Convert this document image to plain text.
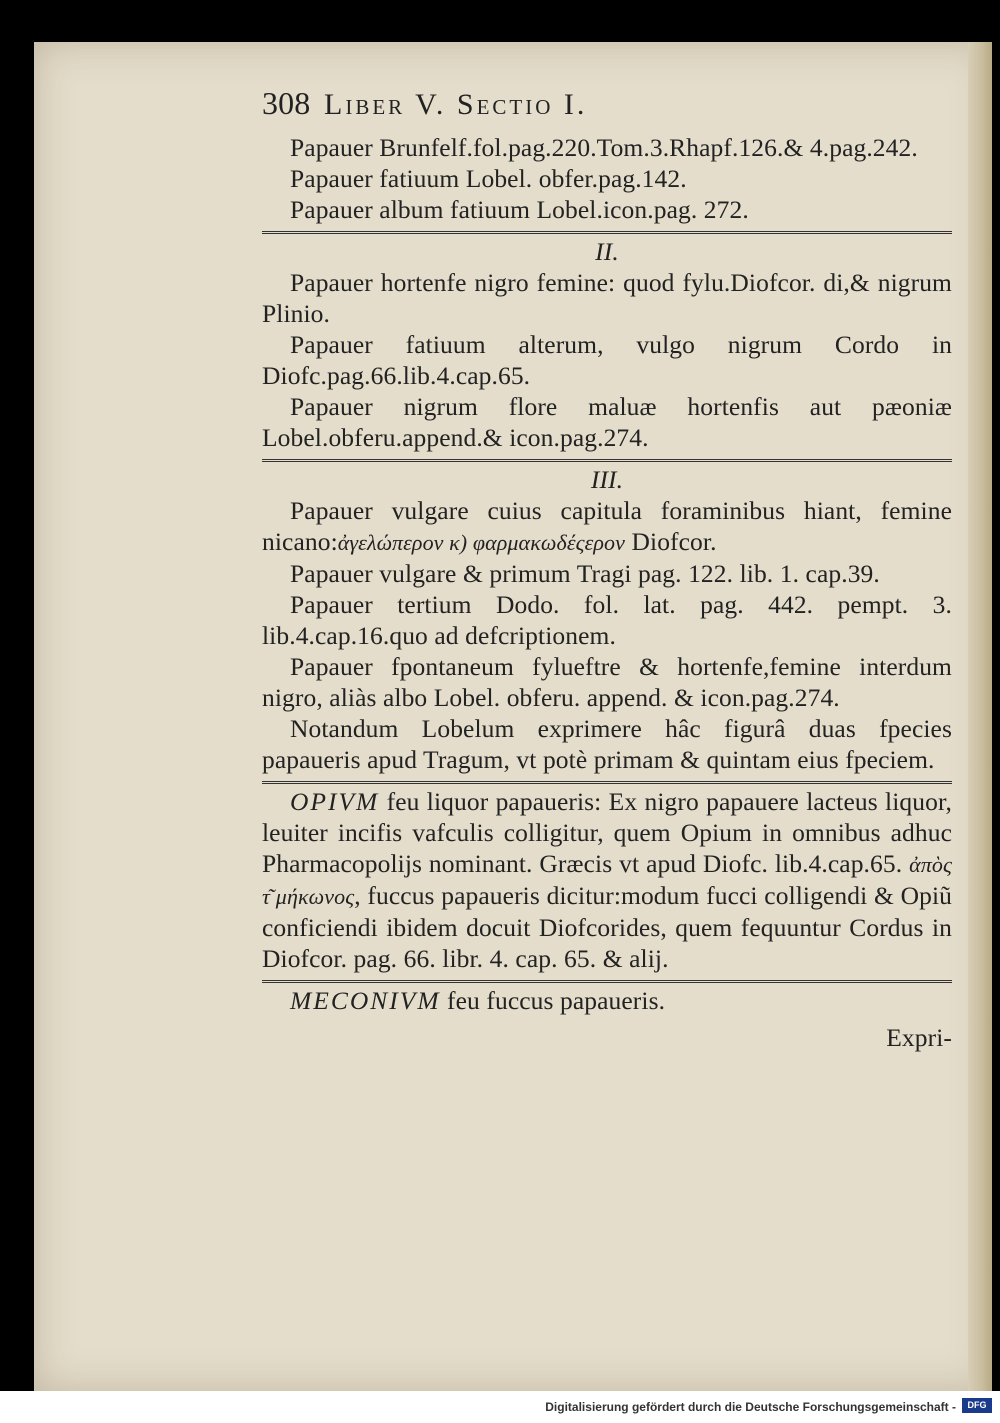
308 Liber V. Sectio I.

Papauer Brunfelf.fol.pag.220.Tom.3.Rhapf.126.& 4.pag.242.

Papauer fatiuum Lobel. obfer.pag.142.

Papauer album fatiuum Lobel.icon.pag. 272.

II.

Papauer hortenfe nigro femine: quod fylu.Diofcor. di,& nigrum Plinio.

Papauer fatiuum alterum, vulgo nigrum Cordo in Diofc.pag.66.lib.4.cap.65.

Papauer nigrum flore maluæ hortenfis aut pæoniæ Lobel.obferu.append.& icon.pag.274.

III.

Papauer vulgare cuius capitula foraminibus hiant, femine nicano:ἀγελώπερον κ) φαρμακωδέςερον Diofcor.

Papauer vulgare & primum Tragi pag. 122. lib. 1. cap.39.

Papauer tertium Dodo. fol. lat. pag. 442. pempt. 3. lib.4.cap.16.quo ad defcriptionem.

Papauer fpontaneum fylueftre & hortenfe,femine interdum nigro, aliàs albo Lobel. obferu. append. & icon.pag.274.

Notandum Lobelum exprimere hâc figurâ duas fpecies papaueris apud Tragum, vt potè primam & quintam eius fpeciem.

OPIVM feu liquor papaueris: Ex nigro papauere lacteus liquor, leuiter incifis vafculis colligitur, quem Opium in omnibus adhuc Pharmacopolijs nominant. Græcis vt apud Diofc. lib.4.cap.65. ἀπὸς τ͂ μήκωνος, fuccus papaueris dicitur:modum fucci colligendi & Opiũ conficiendi ibidem docuit Diofcorides, quem fequuntur Cordus in Diofcor. pag. 66. libr. 4. cap. 65. & alij.

MECONIVM feu fuccus papaueris.

Expri-

Digitalisierung gefördert durch die Deutsche Forschungsgemeinschaft -	DFG
